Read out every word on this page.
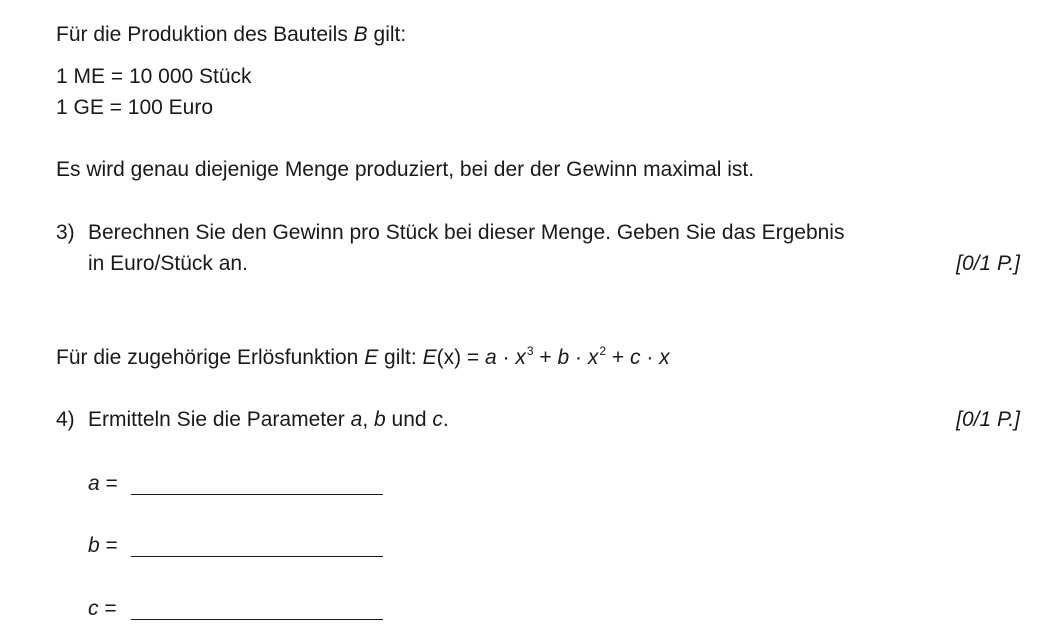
Für die Produktion des Bauteils B gilt:
1 ME = 10 000 Stück
1 GE = 100 Euro
Es wird genau diejenige Menge produziert, bei der der Gewinn maximal ist.
3) Berechnen Sie den Gewinn pro Stück bei dieser Menge. Geben Sie das Ergebnis
in Euro/Stück an.	[0/1 P.]
Für die zugehörige Erlösfunktion E gilt: $E(x) = a \cdot x^3 + b \cdot x^2 + c \cdot x$
4) Ermitteln Sie die Parameter a, b und c.	[0/1 P.]
a =
b =
c =
